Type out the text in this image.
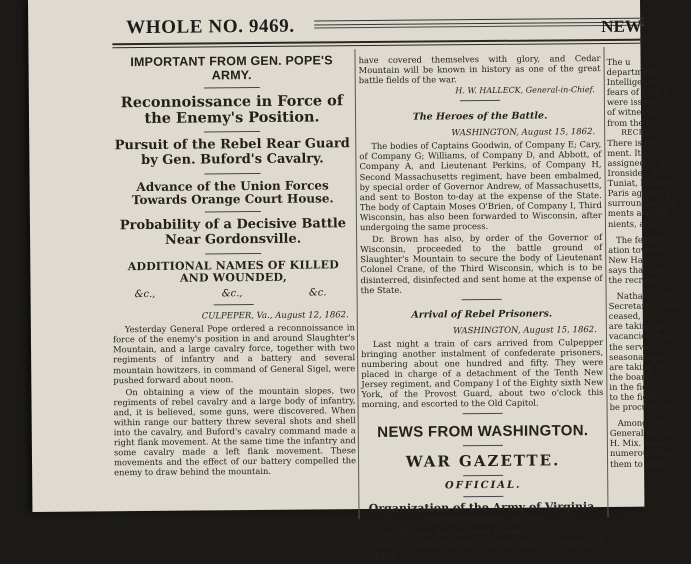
WHOLE NO. 9469.	NEW
IMPORTANT FROM GEN. POPE'S ARMY.
Reconnoissance in Force of the Enemy's Position.
Pursuit of the Rebel Rear Guard by Gen. Buford's Cavalry.
Advance of the Union Forces Towards Orange Court House.
Probability of a Decisive Battle Near Gordonsville.
ADDITIONAL NAMES OF KILLED AND WOUNDED,
&c.,	&c.,	&c.
CULPEPER, Va., August 12, 1862.

Yesterday General Pope ordered a reconnoissance in force of the enemy's position in and around Slaughter's Mountain, and a large cavalry force, together with two regiments of infantry and a battery and several mountain howitzers, in command of General Sigel, were pushed forward about noon.

On obtaining a view of the mountain slopes, two regiments of rebel cavalry and a large body of infantry, and, it is believed, some guns, were discovered. When within range our battery threw several shots and shell into the cavalry, and Buford's cavalry command made a right flank movement. At the same time the infantry and some cavalry made a left flank movement. These movements and the effect of our battery compelled the enemy to draw behind the mountain.

have covered themselves with glory, and Cedar Mountain will be known in history as one of the great battle fields of the war.

H. W. HALLECK, General-in-Chief.
The Heroes of the Battle.
WASHINGTON, August 15, 1862.

The bodies of Captains Goodwin, of Company E; Cary, of Company G; Williams, of Company D, and Abbott, of Company A, and Lieutenant Perkins, of Company H, Second Massachusetts regiment, have been embalmed, by special order of Governor Andrew, of Massachusetts, and sent to Boston to-day at the expense of the State. The body of Captain Moses O'Brien, of Company I, Third Wisconsin, has also been forwarded to Wisconsin, after undergoing the same process.

Dr. Brown has also, by order of the Governor of Wisconsin, proceeded to the battle ground of Slaughter's Mountain to secure the body of Lieutenant Colonel Crane, of the Third Wisconsin, which is to be disinterred, disinfected and sent home at the expense of the State.

Arrival of Rebel Prisoners.
WASHINGTON, August 15, 1862.

Last night a train of cars arrived from Culpepper bringing another instalment of confederate prisoners, numbering about one hundred and fifty. They were placed in charge of a detachment of the Tenth New Jersey regiment, and Company I of the Eighty sixth New York, of the Provost Guard, about two o'clock this morning, and escorted to the Old Capitol.

NEWS FROM WASHINGTON.
WAR GAZETTE.
OFFICIAL.
Organization of the Army of Virginia.
GENERAL ORDERS—No. 103.

The following has just been issued:—

WAR DEPARTMENT, ADJUTANT GENERAL'S OFFICE,

The u
departments
Intelligence
fears of high r
were issued fr
of witnesses
from the court
RECRUITING
There is ev
ment. It is su
assigned to th
Ironsides. S
Tuniat, backed
Paris against a
surrounding the
ments are effe
nients, and in
The feeling
ation towards
New Hampshire
says that the
the recruits
Nathan Sarg
Secretary Chase
ceased, his
are taking pla
vacancies in th
the service a
seasonal open
are taking pla
the board of
in the field,
to the field,
be procured to
Among the
General McCall,
H. Mix. Gene
numerous frien
them to offer
